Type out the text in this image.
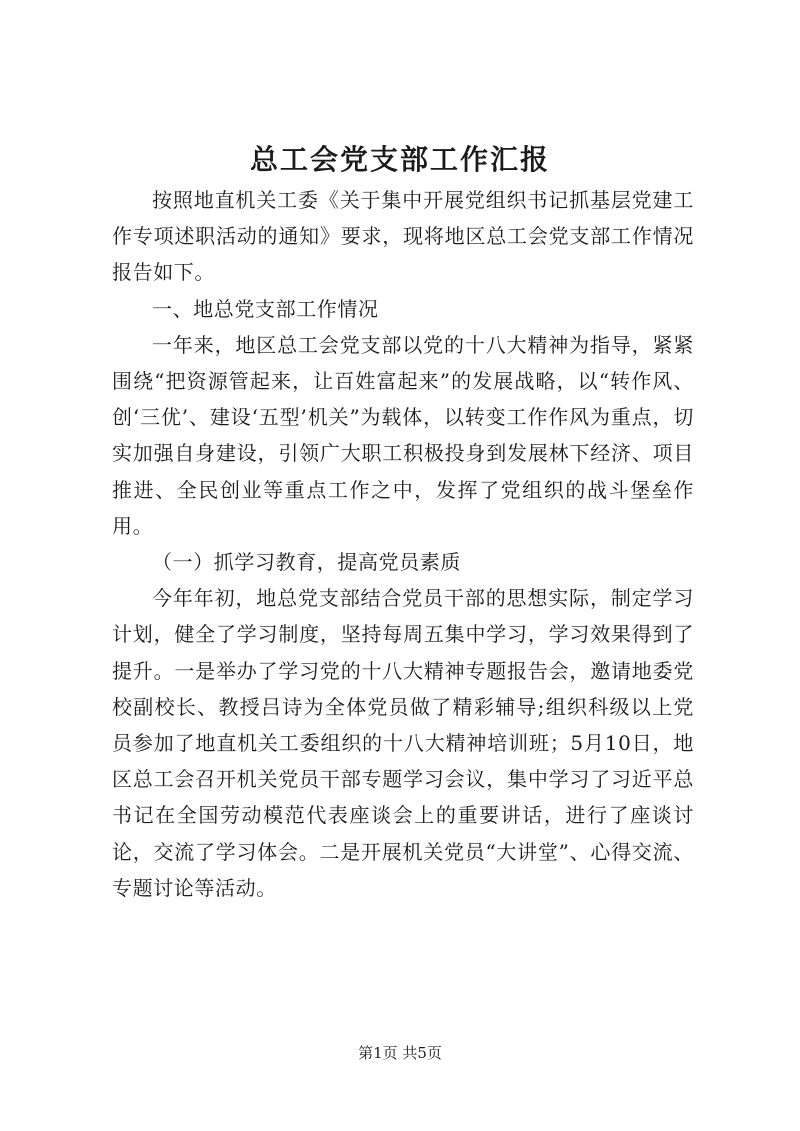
总工会党支部工作汇报

按照地直机关工委《关于集中开展党组织书记抓基层党建工作专项述职活动的通知》要求，现将地区总工会党支部工作情况报告如下。

一、地总党支部工作情况

一年来，地区总工会党支部以党的十八大精神为指导，紧紧围绕“把资源管起来，让百姓富起来”的发展战略，以“转作风、创‘三优’、建设‘五型’机关”为载体，以转变工作作风为重点，切实加强自身建设，引领广大职工积极投身到发展林下经济、项目推进、全民创业等重点工作之中，发挥了党组织的战斗堡垒作用。

（一）抓学习教育，提高党员素质

今年年初，地总党支部结合党员干部的思想实际，制定学习计划，健全了学习制度，坚持每周五集中学习，学习效果得到了提升。一是举办了学习党的十八大精神专题报告会，邀请地委党校副校长、教授吕诗为全体党员做了精彩辅导;组织科级以上党员参加了地直机关工委组织的十八大精神培训班；5月10日，地区总工会召开机关党员干部专题学习会议，集中学习了习近平总书记在全国劳动模范代表座谈会上的重要讲话，进行了座谈讨论，交流了学习体会。二是开展机关党员“大讲堂”、心得交流、专题讨论等活动。

第1页 共5页
